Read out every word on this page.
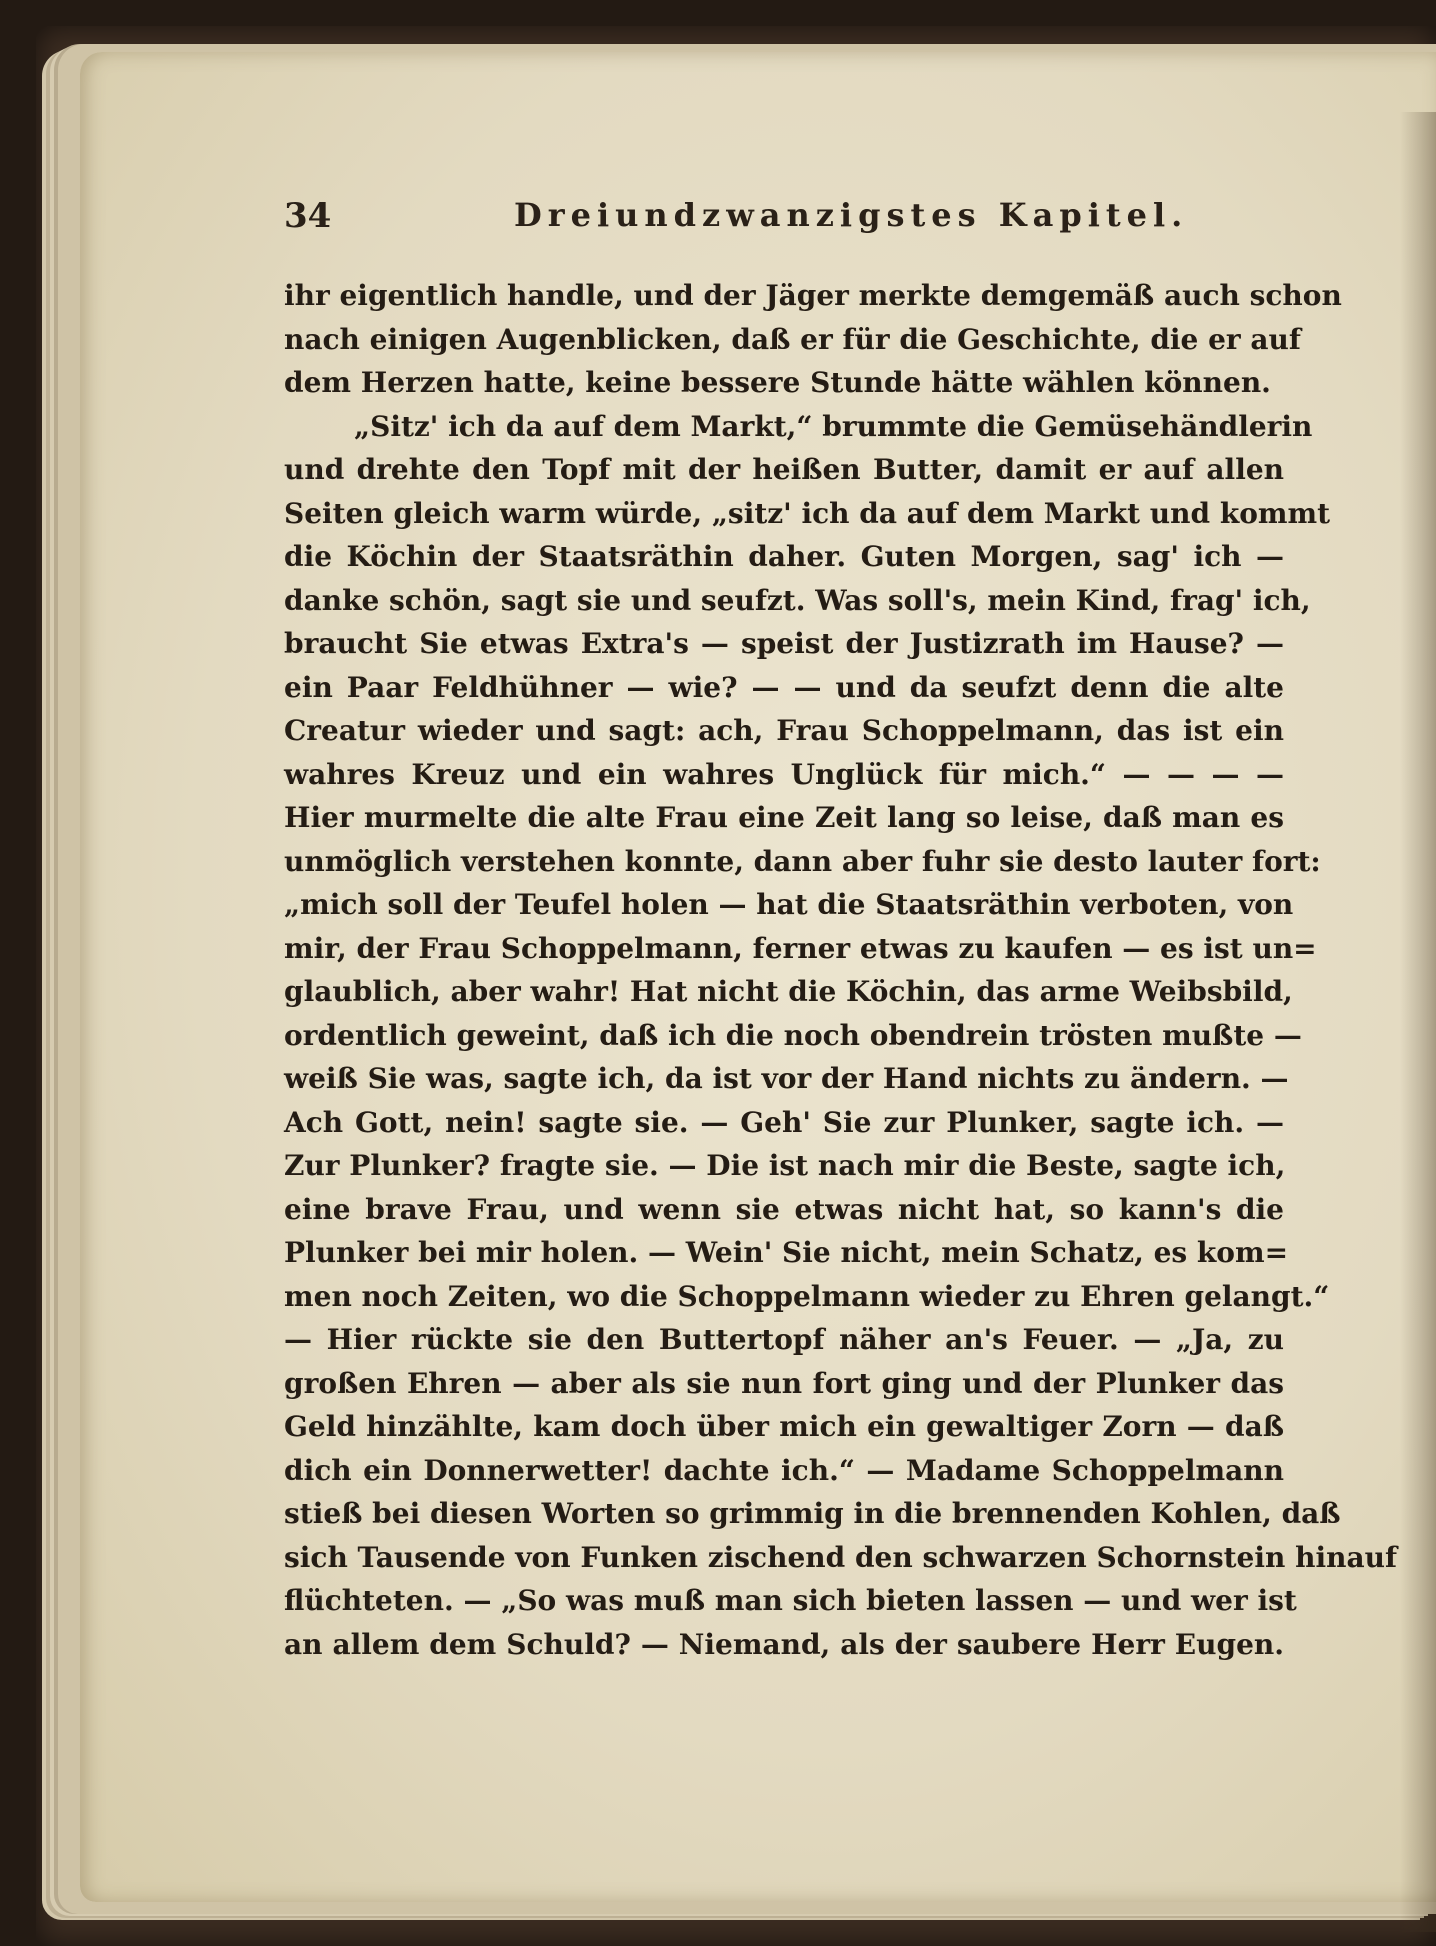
34	Dreiundzwanzigstes Kapitel.
ihr eigentlich handle, und der Jäger merkte demgemäß auch schon
nach einigen Augenblicken, daß er für die Geschichte, die er auf
dem Herzen hatte, keine bessere Stunde hätte wählen können.
„Sitz' ich da auf dem Markt,“ brummte die Gemüsehändlerin
und drehte den Topf mit der heißen Butter, damit er auf allen
Seiten gleich warm würde, „sitz' ich da auf dem Markt und kommt
die Köchin der Staatsräthin daher. Guten Morgen, sag' ich —
danke schön, sagt sie und seufzt. Was soll's, mein Kind, frag' ich,
braucht Sie etwas Extra's — speist der Justizrath im Hause? —
ein Paar Feldhühner — wie? — — und da seufzt denn die alte
Creatur wieder und sagt: ach, Frau Schoppelmann, das ist ein
wahres Kreuz und ein wahres Unglück für mich.“ — — — —
Hier murmelte die alte Frau eine Zeit lang so leise, daß man es
unmöglich verstehen konnte, dann aber fuhr sie desto lauter fort:
„mich soll der Teufel holen — hat die Staatsräthin verboten, von
mir, der Frau Schoppelmann, ferner etwas zu kaufen — es ist un=
glaublich, aber wahr! Hat nicht die Köchin, das arme Weibsbild,
ordentlich geweint, daß ich die noch obendrein trösten mußte —
weiß Sie was, sagte ich, da ist vor der Hand nichts zu ändern. —
Ach Gott, nein! sagte sie. — Geh' Sie zur Plunker, sagte ich. —
Zur Plunker? fragte sie. — Die ist nach mir die Beste, sagte ich,
eine brave Frau, und wenn sie etwas nicht hat, so kann's die
Plunker bei mir holen. — Wein' Sie nicht, mein Schatz, es kom=
men noch Zeiten, wo die Schoppelmann wieder zu Ehren gelangt.“
— Hier rückte sie den Buttertopf näher an's Feuer. — „Ja, zu
großen Ehren — aber als sie nun fort ging und der Plunker das
Geld hinzählte, kam doch über mich ein gewaltiger Zorn — daß
dich ein Donnerwetter! dachte ich.“ — Madame Schoppelmann
stieß bei diesen Worten so grimmig in die brennenden Kohlen, daß
sich Tausende von Funken zischend den schwarzen Schornstein hinauf
flüchteten. — „So was muß man sich bieten lassen — und wer ist
an allem dem Schuld? — Niemand, als der saubere Herr Eugen.
